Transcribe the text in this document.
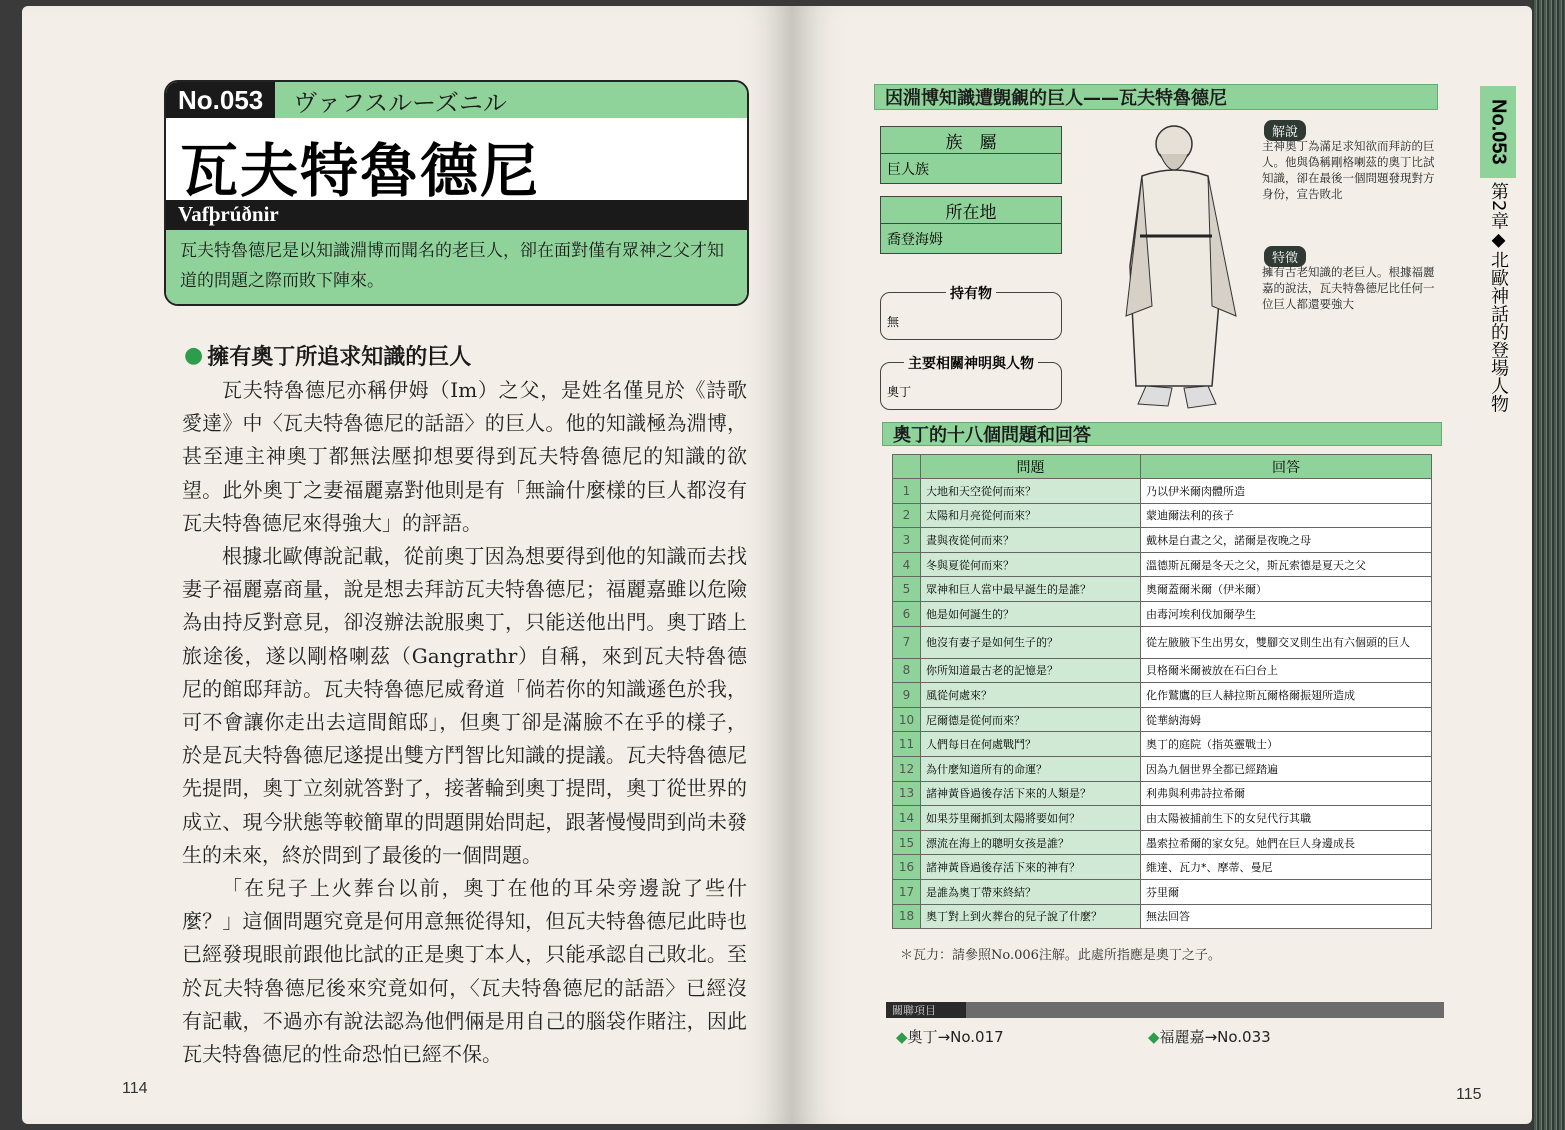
No.053	ヴァフスルーズニル
瓦夫特魯德尼
Vafþrúðnir
瓦夫特魯德尼是以知識淵博而聞名的老巨人，卻在面對僅有眾神之父才知道的問題之際而敗下陣來。
● 擁有奧丁所追求知識的巨人

瓦夫特魯德尼亦稱伊姆（Im）之父，是姓名僅見於《詩歌愛達》中〈瓦夫特魯德尼的話語〉的巨人。他的知識極為淵博，甚至連主神奧丁都無法壓抑想要得到瓦夫特魯德尼的知識的欲望。此外奧丁之妻福麗嘉對他則是有「無論什麼樣的巨人都沒有瓦夫特魯德尼來得強大」的評語。

根據北歐傳說記載，從前奧丁因為想要得到他的知識而去找妻子福麗嘉商量，說是想去拜訪瓦夫特魯德尼；福麗嘉雖以危險為由持反對意見，卻沒辦法說服奧丁，只能送他出門。奧丁踏上旅途後，遂以剛格喇茲（Gangrathr）自稱，來到瓦夫特魯德尼的館邸拜訪。瓦夫特魯德尼威脅道「倘若你的知識遜色於我，可不會讓你走出去這間館邸」，但奧丁卻是滿臉不在乎的樣子，於是瓦夫特魯德尼遂提出雙方鬥智比知識的提議。瓦夫特魯德尼先提問，奧丁立刻就答對了，接著輪到奧丁提問，奧丁從世界的成立、現今狀態等較簡單的問題開始問起，跟著慢慢問到尚未發生的未來，終於問到了最後的一個問題。

「在兒子上火葬台以前，奧丁在他的耳朵旁邊說了些什麼？」這個問題究竟是何用意無從得知，但瓦夫特魯德尼此時也已經發現眼前跟他比試的正是奧丁本人，只能承認自己敗北。至於瓦夫特魯德尼後來究竟如何，〈瓦夫特魯德尼的話語〉已經沒有記載，不過亦有說法認為他們倆是用自己的腦袋作賭注，因此瓦夫特魯德尼的性命恐怕已經不保。

114
因淵博知識遭覬覦的巨人——瓦夫特魯德尼
族　屬
巨人族
所在地
喬登海姆
持有物
無
主要相關神明與人物
奧丁
解說
主神奧丁為滿足求知欲而拜訪的巨人。他與偽稱剛格喇茲的奧丁比試知識，卻在最後一個問題發現對方身份，宣告敗北
特徵
擁有古老知識的老巨人。根據福麗嘉的說法，瓦夫特魯德尼比任何一位巨人都還要強大
奧丁的十八個問題和回答
	問題	回答
1	大地和天空從何而來？	乃以伊米爾肉體所造
2	太陽和月亮從何而來？	蒙迪爾法利的孩子
3	晝與夜從何而來？	戴林是白晝之父，諾爾是夜晚之母
4	冬與夏從何而來？	溫德斯瓦爾是冬天之父，斯瓦索德是夏天之父
5	眾神和巨人當中最早誕生的是誰？	奧爾蓋爾米爾（伊米爾）
6	他是如何誕生的？	由毒河埃利伐加爾孕生
7	他沒有妻子是如何生子的？	從左腋腋下生出男女，雙腳交叉則生出有六個頭的巨人
8	你所知道最古老的記憶是？	貝格爾米爾被放在石臼台上
9	風從何處來？	化作鷲鷹的巨人赫拉斯瓦爾格爾振翅所造成
10	尼爾德是從何而來？	從華納海姆
11	人們每日在何處戰鬥？	奧丁的庭院（指英靈戰士）
12	為什麼知道所有的命運？	因為九個世界全都已經踏遍
13	諸神黃昏過後存活下來的人類是？	利弗與利弗詩拉希爾
14	如果芬里爾抓到太陽將要如何？	由太陽被捕前生下的女兒代行其職
15	漂流在海上的聰明女孩是誰？	墨索拉希爾的家女兒。她們在巨人身邊成長
16	諸神黃昏過後存活下來的神有？	維達、瓦力*、摩蒂、曼尼
17	是誰為奧丁帶來終結？	芬里爾
18	奧丁對上到火葬台的兒子說了什麼？	無法回答
＊瓦力：請參照No.006注解。此處所指應是奧丁之子。
關聯項目
◆奧丁→No.017	◆福麗嘉→No.033
No.053
第2章◆北歐神話的登場人物
115
